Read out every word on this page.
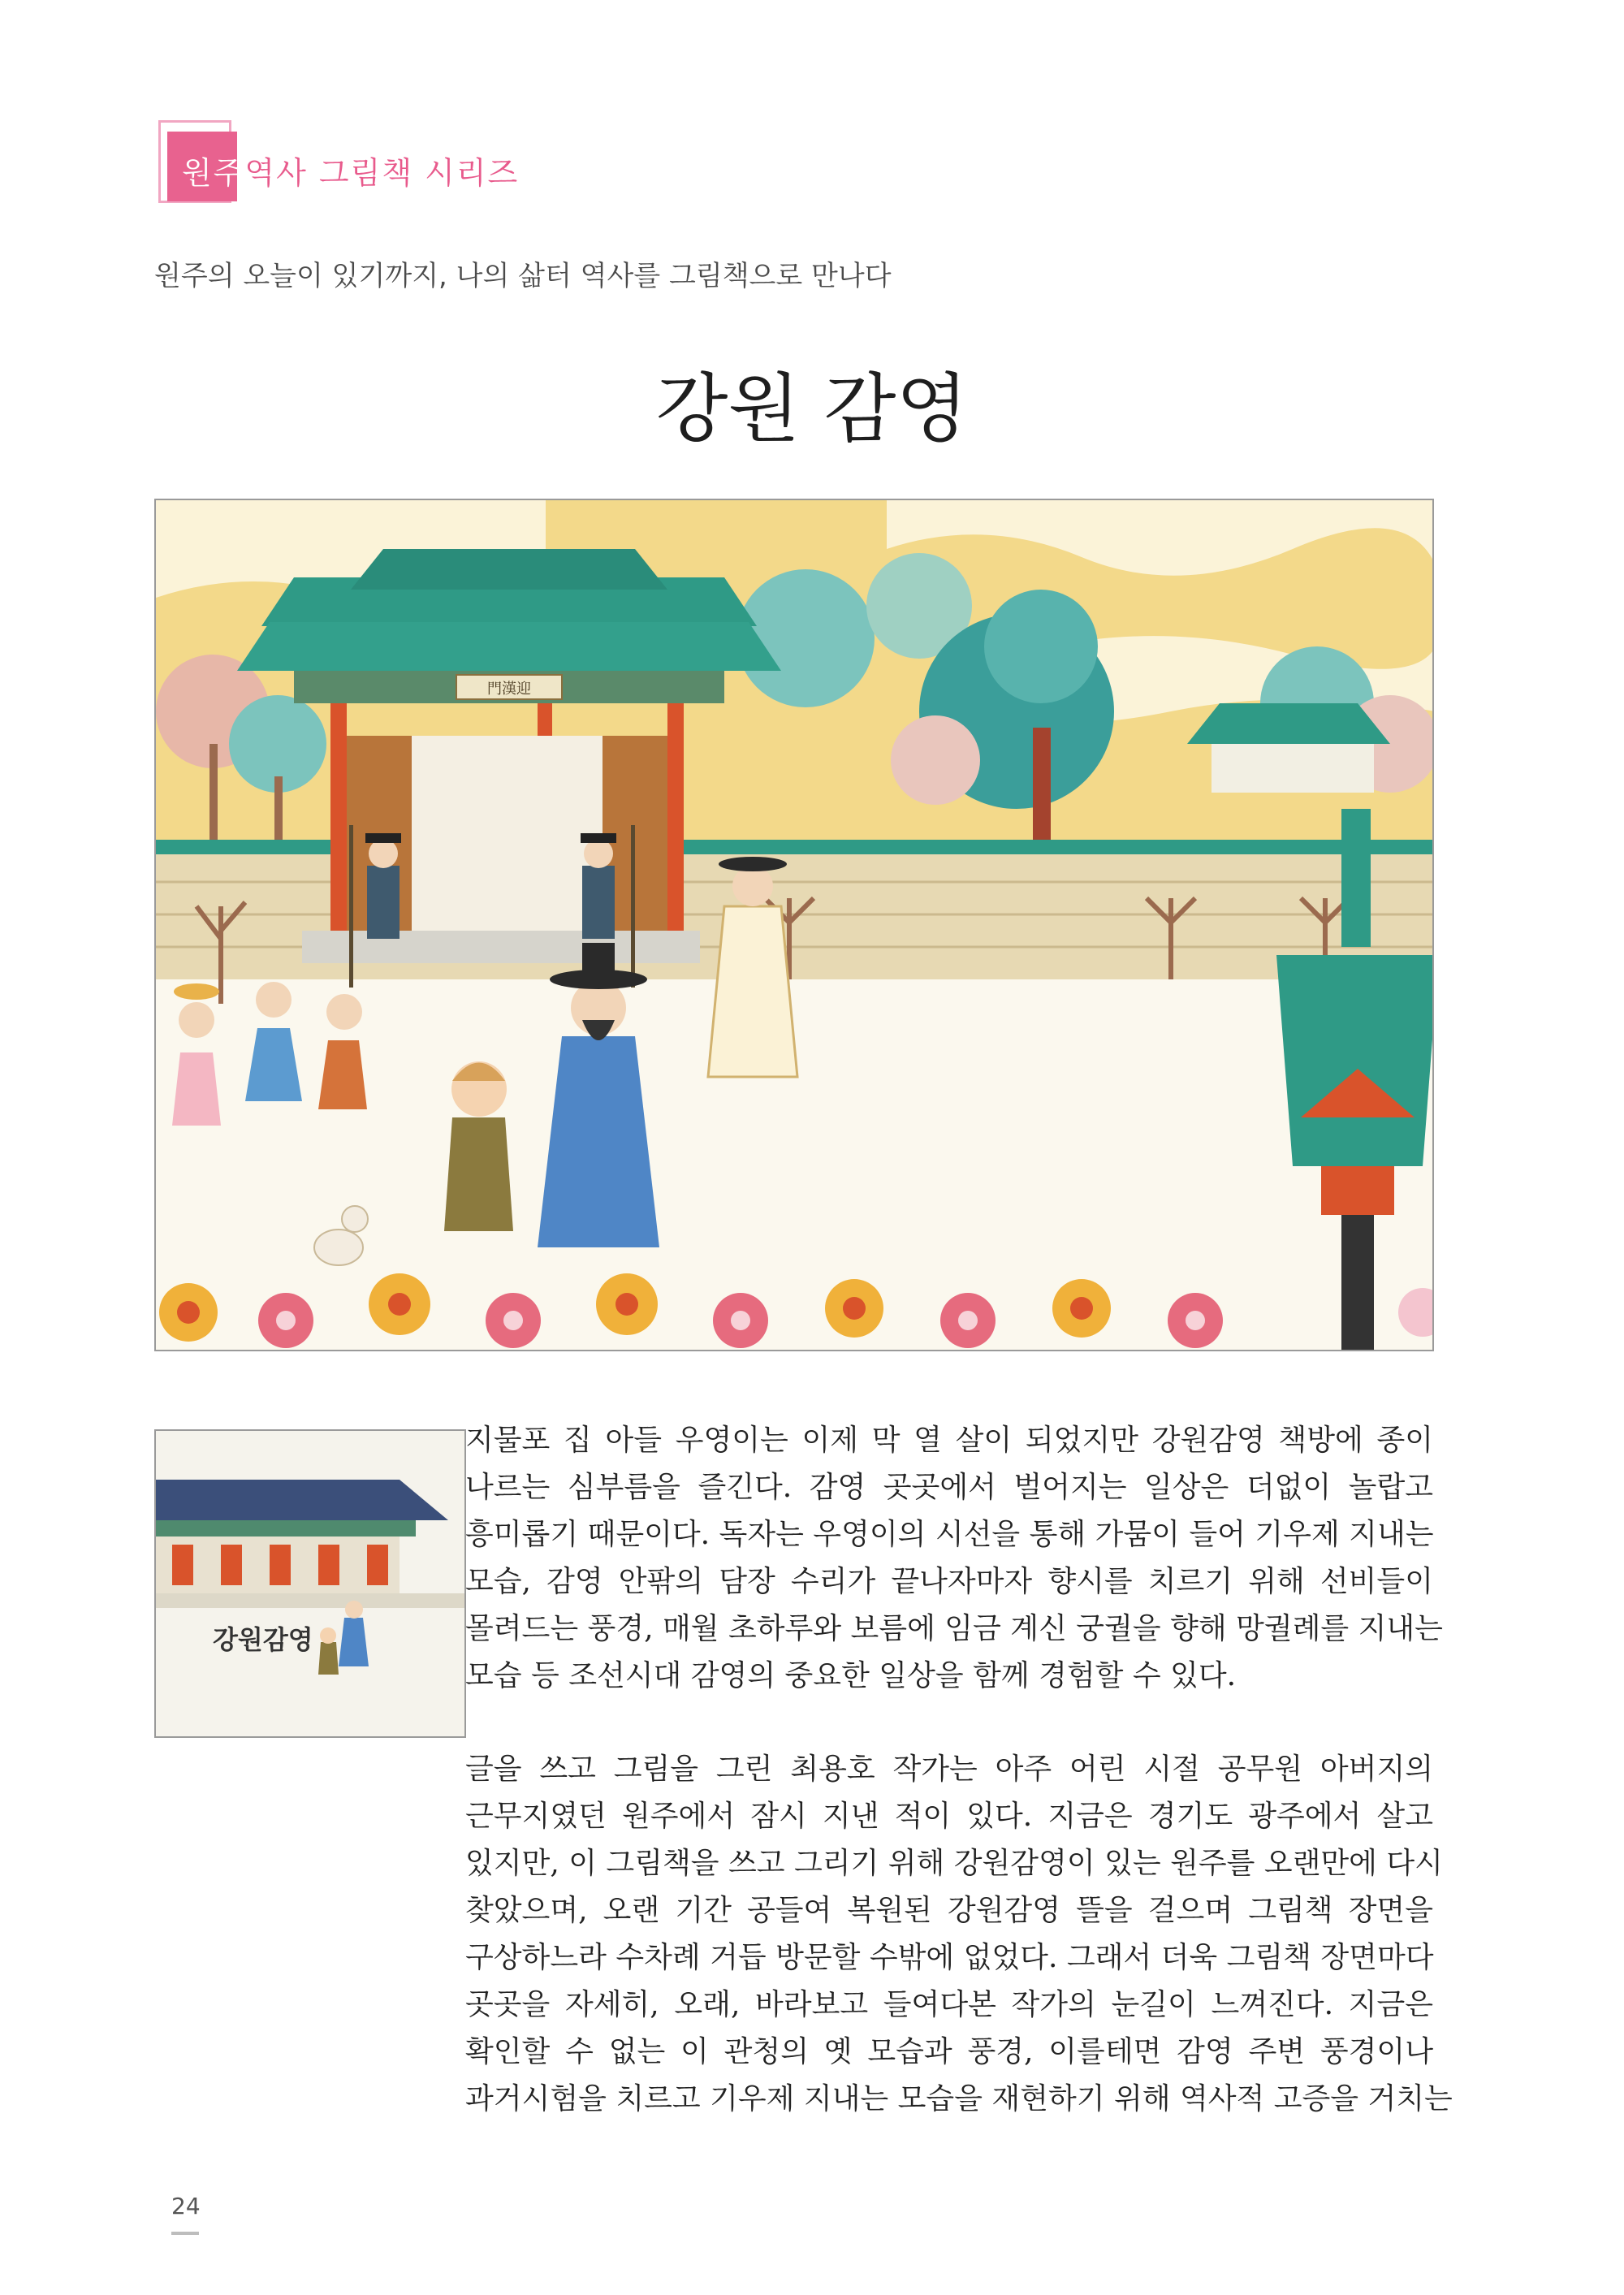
원주역사 그림책 시리즈
원주의 오늘이 있기까지, 나의 삶터 역사를 그림책으로 만나다
강원 감영
門漢迎
강원감영
지물포 집 아들 우영이는 이제 막 열 살이 되었지만 강원감영 책방에 종이
나르는 심부름을 즐긴다. 감영 곳곳에서 벌어지는 일상은 더없이 놀랍고
흥미롭기 때문이다. 독자는 우영이의 시선을 통해 가뭄이 들어 기우제 지내는
모습, 감영 안팎의 담장 수리가 끝나자마자 향시를 치르기 위해 선비들이
몰려드는 풍경, 매월 초하루와 보름에 임금 계신 궁궐을 향해 망궐례를 지내는
모습 등 조선시대 감영의 중요한 일상을 함께 경험할 수 있다.
글을 쓰고 그림을 그린 최용호 작가는 아주 어린 시절 공무원 아버지의
근무지였던 원주에서 잠시 지낸 적이 있다. 지금은 경기도 광주에서 살고
있지만, 이 그림책을 쓰고 그리기 위해 강원감영이 있는 원주를 오랜만에 다시
찾았으며, 오랜 기간 공들여 복원된 강원감영 뜰을 걸으며 그림책 장면을
구상하느라 수차례 거듭 방문할 수밖에 없었다. 그래서 더욱 그림책 장면마다
곳곳을 자세히, 오래, 바라보고 들여다본 작가의 눈길이 느껴진다. 지금은
확인할 수 없는 이 관청의 옛 모습과 풍경, 이를테면 감영 주변 풍경이나
과거시험을 치르고 기우제 지내는 모습을 재현하기 위해 역사적 고증을 거치는
24
